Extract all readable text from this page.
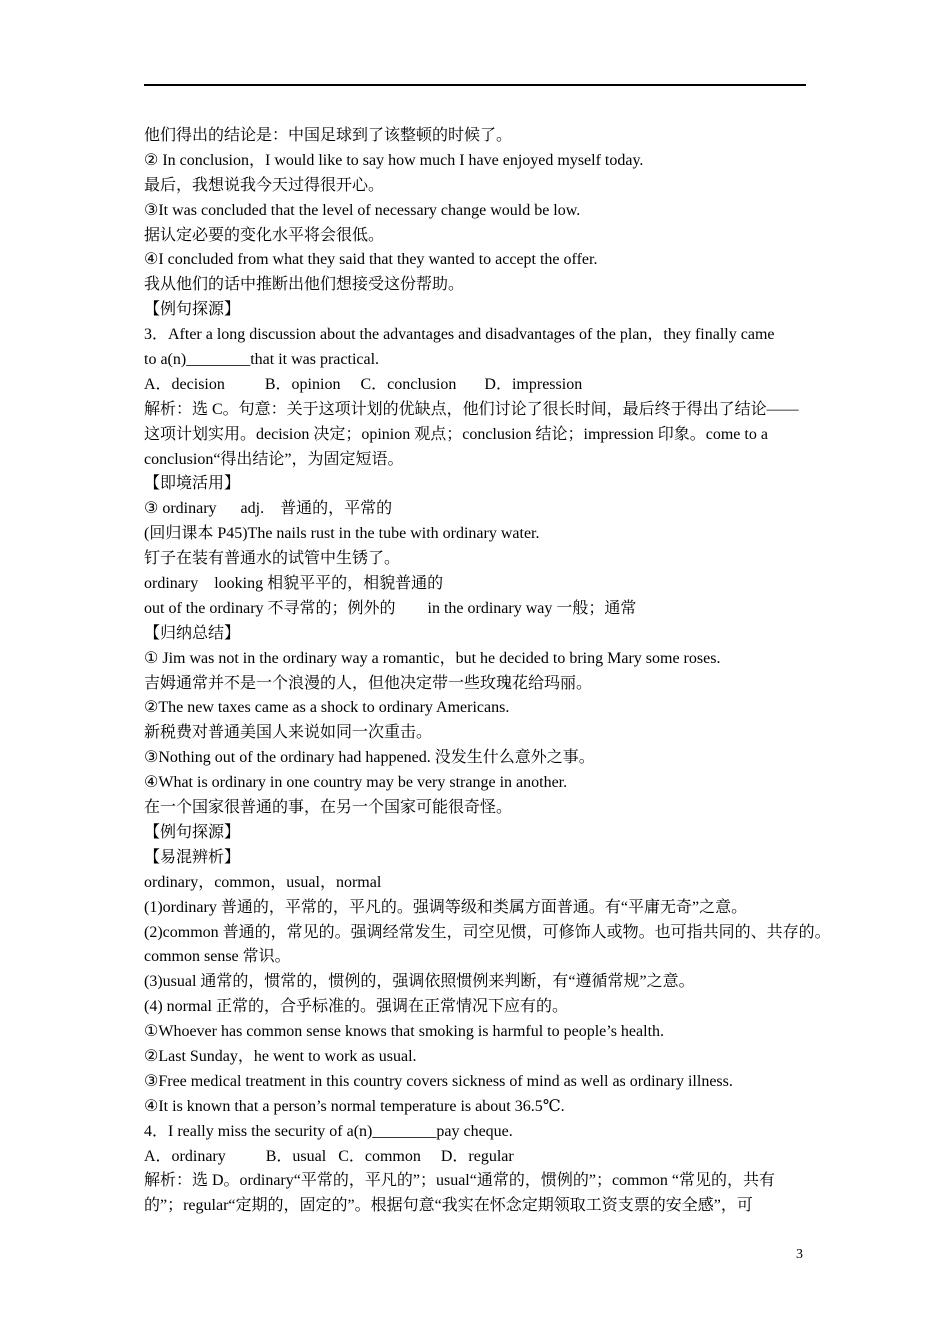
他们得出的结论是：中国足球到了该整顿的时候了。
② In conclusion，I would like to say how much I have enjoyed myself today.
最后，我想说我今天过得很开心。
③It was concluded that the level of necessary change would be low.
据认定必要的变化水平将会很低。
④I concluded from what they said that they wanted to accept the offer.
我从他们的话中推断出他们想接受这份帮助。
【例句探源】
3．After a long discussion about the advantages and disadvantages of the plan，they finally came
to a(n)________that it was practical.
A．decision          B．opinion     C．conclusion       D．impression
解析：选 C。句意：关于这项计划的优缺点，他们讨论了很长时间，最后终于得出了结论——
这项计划实用。decision 决定；opinion 观点；conclusion 结论；impression 印象。come to a
conclusion“得出结论”，为固定短语。
【即境活用】
③ ordinary      adj.    普通的，平常的
(回归课本 P45)The nails rust in the tube with ordinary water.
钉子在装有普通水的试管中生锈了。
ordinary    looking 相貌平平的，相貌普通的
out of the ordinary 不寻常的；例外的        in the ordinary way 一般；通常
【归纳总结】
① Jim was not in the ordinary way a romantic，but he decided to bring Mary some roses.
吉姆通常并不是一个浪漫的人，但他决定带一些玫瑰花给玛丽。
②The new taxes came as a shock to ordinary Americans.
新税费对普通美国人来说如同一次重击。
③Nothing out of the ordinary had happened. 没发生什么意外之事。
④What is ordinary in one country may be very strange in another.
在一个国家很普通的事，在另一个国家可能很奇怪。
【例句探源】
【易混辨析】
ordinary，common，usual，normal
(1)ordinary 普通的，平常的，平凡的。强调等级和类属方面普通。有“平庸无奇”之意。
(2)common 普通的，常见的。强调经常发生，司空见惯，可修饰人或物。也可指共同的、共存的。
common sense 常识。
(3)usual 通常的，惯常的，惯例的，强调依照惯例来判断，有“遵循常规”之意。
(4) normal 正常的，合乎标准的。强调在正常情况下应有的。
①Whoever has common sense knows that smoking is harmful to people’s health.
②Last Sunday，he went to work as usual.
③Free medical treatment in this country covers sickness of mind as well as ordinary illness.
④It is known that a person’s normal temperature is about 36.5℃.
4．I really miss the security of a(n)________pay cheque.
A．ordinary          B．usual   C．common     D．regular
解析：选 D。ordinary“平常的，平凡的”；usual“通常的，惯例的”；common “常见的，共有
的”；regular“定期的，固定的”。根据句意“我实在怀念定期领取工资支票的安全感”，可
3
